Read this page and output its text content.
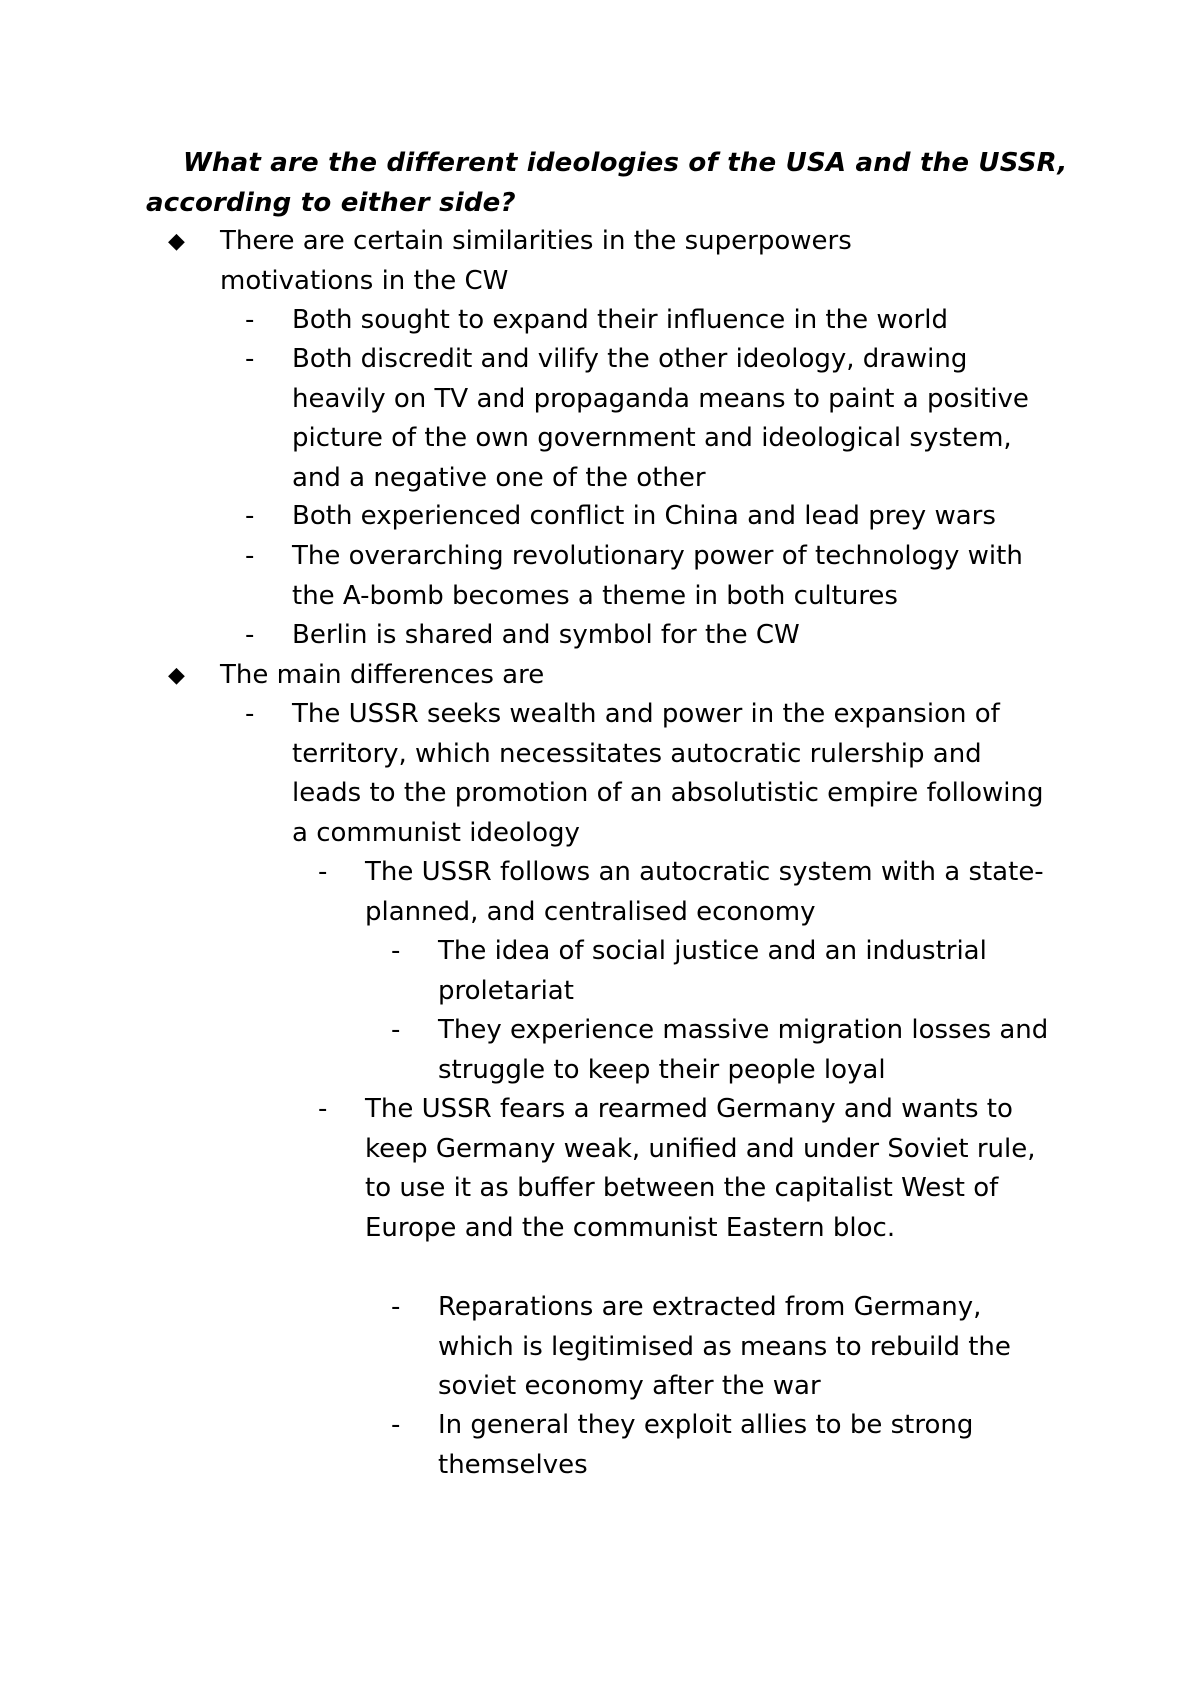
What are the different ideologies of the USA and the USSR, according to either side?
◆ There are certain similarities in the superpowers motivations in the CW
- Both sought to expand their influence in the world
- Both discredit and vilify the other ideology, drawing heavily on TV and propaganda means to paint a positive picture of the own government and ideological system, and a negative one of the other
- Both experienced conflict in China and lead prey wars
- The overarching revolutionary power of technology with the A-bomb becomes a theme in both cultures
- Berlin is shared and symbol for the CW
◆ The main differences are
- The USSR seeks wealth and power in the expansion of territory, which necessitates autocratic rulership and leads to the promotion of an absolutistic empire following a communist ideology
- The USSR follows an autocratic system with a state-planned, and centralised economy
- The idea of social justice and an industrial proletariat
- They experience massive migration losses and struggle to keep their people loyal
- The USSR fears a rearmed Germany and wants to keep Germany weak, unified and under Soviet rule, to use it as buffer between the capitalist West of Europe and the communist Eastern bloc.
- Reparations are extracted from Germany, which is legitimised as means to rebuild the soviet economy after the war
- In general they exploit allies to be strong themselves
